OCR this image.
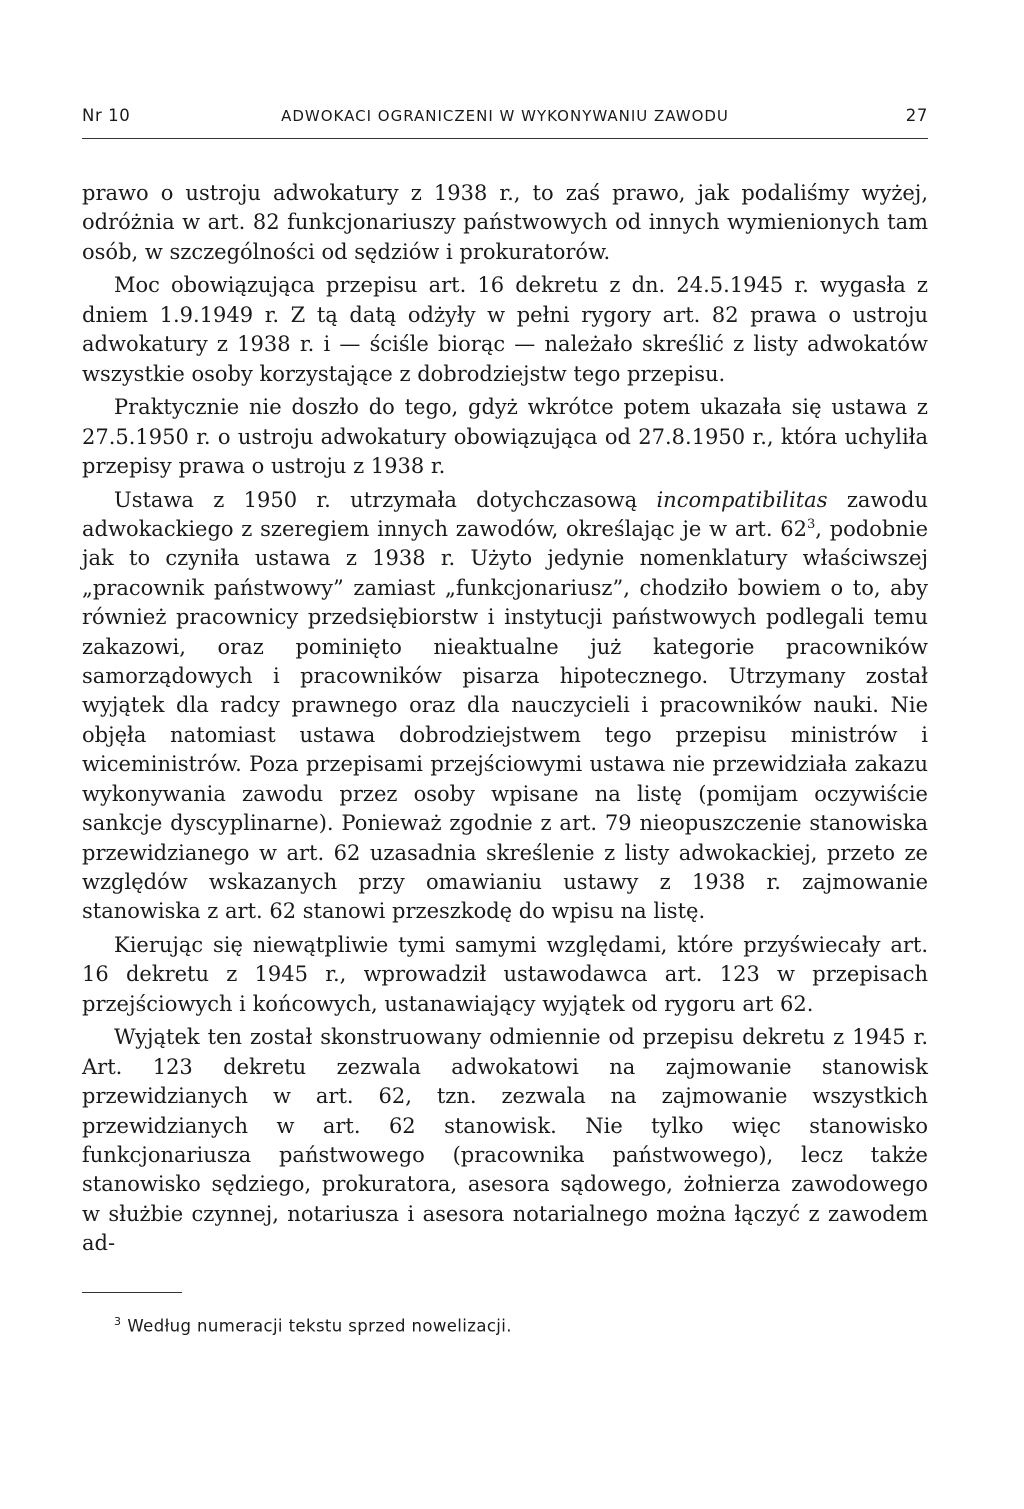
Nr 10	ADWOKACI OGRANICZENI W WYKONYWANIU ZAWODU	27

prawo o ustroju adwokatury z 1938 r., to zaś prawo, jak podaliśmy wyżej, odróżnia w art. 82 funkcjonariuszy państwowych od innych wymienionych tam osób, w szczególności od sędziów i prokuratorów.

Moc obowiązująca przepisu art. 16 dekretu z dn. 24.5.1945 r. wygasła z dniem 1.9.1949 r. Z tą datą odżyły w pełni rygory art. 82 prawa o ustroju adwokatury z 1938 r. i — ściśle biorąc — należało skreślić z listy adwokatów wszystkie osoby korzystające z dobrodziejstw tego przepisu.

Praktycznie nie doszło do tego, gdyż wkrótce potem ukazała się ustawa z 27.5.1950 r. o ustroju adwokatury obowiązująca od 27.8.1950 r., która uchyliła przepisy prawa o ustroju z 1938 r.

Ustawa z 1950 r. utrzymała dotychczasową incompatibilitas zawodu adwokackiego z szeregiem innych zawodów, określając je w art. $62^3$, podobnie jak to czyniła ustawa z 1938 r. Użyto jedynie nomenklatury właściwszej „pracownik państwowy” zamiast „funkcjonariusz”, chodziło bowiem o to, aby również pracownicy przedsiębiorstw i instytucji państwowych podlegali temu zakazowi, oraz pominięto nieaktualne już kategorie pracowników samorządowych i pracowników pisarza hipotecznego. Utrzymany został wyjątek dla radcy prawnego oraz dla nauczycieli i pracowników nauki. Nie objęła natomiast ustawa dobrodziejstwem tego przepisu ministrów i wiceministrów. Poza przepisami przejściowymi ustawa nie przewidziała zakazu wykonywania zawodu przez osoby wpisane na listę (pomijam oczywiście sankcje dyscyplinarne). Ponieważ zgodnie z art. 79 nieopuszczenie stanowiska przewidzianego w art. 62 uzasadnia skreślenie z listy adwokackiej, przeto ze względów wskazanych przy omawianiu ustawy z 1938 r. zajmowanie stanowiska z art. 62 stanowi przeszkodę do wpisu na listę.

Kierując się niewątpliwie tymi samymi względami, które przyświecały art. 16 dekretu z 1945 r., wprowadził ustawodawca art. 123 w przepisach przejściowych i końcowych, ustanawiający wyjątek od rygoru art 62.

Wyjątek ten został skonstruowany odmiennie od przepisu dekretu z 1945 r. Art. 123 dekretu zezwala adwokatowi na zajmowanie stanowisk przewidzianych w art. 62, tzn. zezwala na zajmowanie wszystkich przewidzianych w art. 62 stanowisk. Nie tylko więc stanowisko funkcjonariusza państwowego (pracownika państwowego), lecz także stanowisko sędziego, prokuratora, asesora sądowego, żołnierza zawodowego w służbie czynnej, notariusza i asesora notarialnego można łączyć z zawodem ad-

$^3$ Według numeracji tekstu sprzed nowelizacji.
